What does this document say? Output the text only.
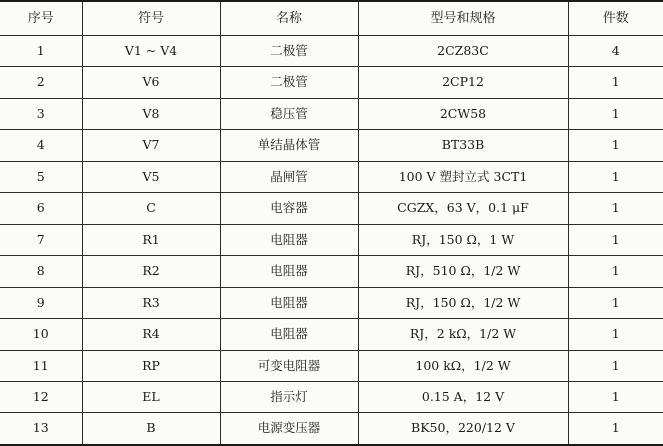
序号	符号	名称	型号和规格	件数
1	V1 ~ V4	二极管	2CZ83C	4
2	V6	二极管	2CP12	1
3	V8	稳压管	2CW58	1
4	V7	单结晶体管	BT33B	1
5	V5	晶闸管	100 V 塑封立式 3CT1	1
6	C	电容器	CGZX，63 V，0.1 μF	1
7	R1	电阻器	RJ，150 Ω，1 W	1
8	R2	电阻器	RJ，510 Ω，1/2 W	1
9	R3	电阻器	RJ，150 Ω，1/2 W	1
10	R4	电阻器	RJ，2 kΩ，1/2 W	1
11	RP	可变电阻器	100 kΩ，1/2 W	1
12	EL	指示灯	0.15 A，12 V	1
13	B	电源变压器	BK50，220/12 V	1
